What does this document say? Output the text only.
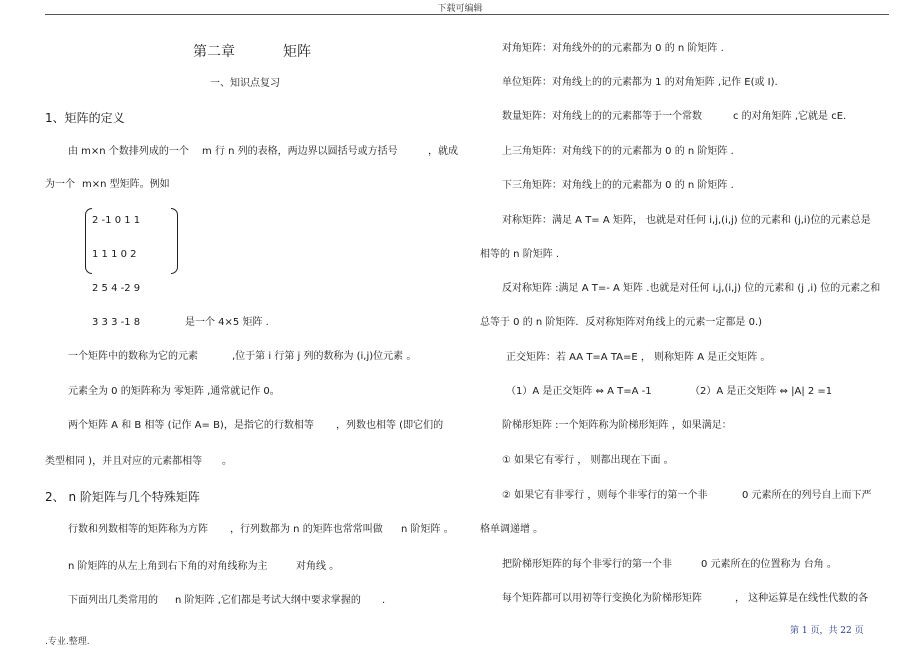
下载可编辑
第二章	矩阵
一、知识点复习
1、矩阵的定义
由 m×n 个数排列成的一个 m 行 n 列的表格，两边界以圆括号或方括号	，就成
为一个 m×n 型矩阵。例如
2 -1 0 1 1
1 1 1 0 2
2 5 4 -2 9
3 3 3 -1 8	是一个 4×5 矩阵 .
一个矩阵中的数称为它的元素	,位于第 i 行第 j 列的数称为 (i,j)位元素 。
元素全为 0 的矩阵称为 零矩阵 ,通常就记作 0。
两个矩阵 A 和 B 相等 (记作 A= B)，是指它的行数相等 ，列数也相等 (即它们的
类型相同 )，并且对应的元素都相等 。
2、 n 阶矩阵与几个特殊矩阵
行数和列数相等的矩阵称为方阵 ，行列数都为 n 的矩阵也常常叫做 n 阶矩阵 。
n 阶矩阵的从左上角到右下角的对角线称为主	对角线 。
下面列出几类常用的 n 阶矩阵 ,它们都是考试大纲中要求掌握的 .
对角矩阵：对角线外的的元素都为 0 的 n 阶矩阵 .
单位矩阵：对角线上的的元素都为 1 的对角矩阵 ,记作 E(或 I).
数量矩阵：对角线上的的元素都等于一个常数	c 的对角矩阵 ,它就是 cE.
上三角矩阵：对角线下的的元素都为 0 的 n 阶矩阵 .
下三角矩阵：对角线上的的元素都为 0 的 n 阶矩阵 .
对称矩阵：满足 A T= A 矩阵， 也就是对任何 i,j,(i,j) 位的元素和 (j,i)位的元素总是
相等的 n 阶矩阵 .
反对称矩阵 :满足 A T=- A 矩阵 .也就是对任何 i,j,(i,j) 位的元素和 (j ,i) 位的元素之和
总等于 0 的 n 阶矩阵．反对称矩阵对角线上的元素一定都是 0.)
正交矩阵：若 AA T=A TA=E ， 则称矩阵 A 是正交矩阵 。
（1）A 是正交矩阵 ⇔ A T=A -1	（2）A 是正交矩阵 ⇔ |A| 2 =1
阶梯形矩阵 :一个矩阵称为阶梯形矩阵 ，如果满足：
① 如果它有零行 ， 则都出现在下面 。
② 如果它有非零行 ，则每个非零行的第一个非	0 元素所在的列号自上而下严
格单调递增 。
把阶梯形矩阵的每个非零行的第一个非	0 元素所在的位置称为 台角 。
每个矩阵都可以用初等行变换化为阶梯形矩阵	， 这种运算是在线性代数的各
.专业.整理.
第 1 页，共 22 页
